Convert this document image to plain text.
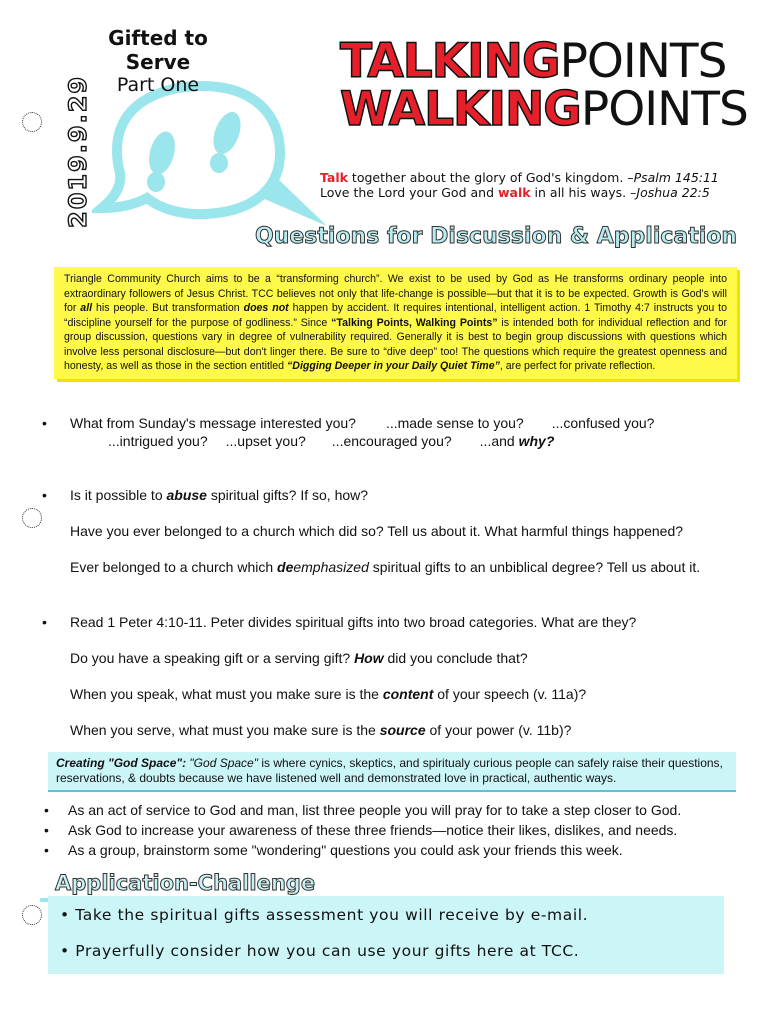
Gifted to Serve
Part One
2019.9.29
TALKINGPOINTS
WALKINGPOINTS
Talk together about the glory of God's kingdom. –Psalm 145:11
Love the Lord your God and walk in all his ways. –Joshua 22:5
Questions for Discussion & Application
Triangle Community Church aims to be a “transforming church”. We exist to be used by God as He transforms ordinary people into extraordinary followers of Jesus Christ. TCC believes not only that life-change is possible—but that it is to be expected. Growth is God's will for all his people. But transformation does not happen by accident. It requires intentional, intelligent action. 1 Timothy 4:7 instructs you to “discipline yourself for the purpose of godliness.” Since “Talking Points, Walking Points” is intended both for individual reflection and for group discussion, questions vary in degree of vulnerability required. Generally it is best to begin group discussions with questions which involve less personal disclosure—but don't linger there. Be sure to “dive deep” too! The questions which require the greatest openness and honesty, as well as those in the section entitled “Digging Deeper in your Daily Quiet Time”, are perfect for private reflection.
• What from Sunday's message interested you? ...made sense to you? ...confused you?
...intrigued you? ...upset you? ...encouraged you? ...and why?
• Is it possible to abuse spiritual gifts? If so, how?
Have you ever belonged to a church which did so? Tell us about it. What harmful things happened?
Ever belonged to a church which deemphasized spiritual gifts to an unbiblical degree? Tell us about it.
• Read 1 Peter 4:10-11. Peter divides spiritual gifts into two broad categories. What are they?
Do you have a speaking gift or a serving gift? How did you conclude that?
When you speak, what must you make sure is the content of your speech (v. 11a)?
When you serve, what must you make sure is the source of your power (v. 11b)?
Creating "God Space": "God Space" is where cynics, skeptics, and spiritualy curious people can safely raise their questions, reservations, & doubts because we have listened well and demonstrated love in practical, authentic ways.
• As an act of service to God and man, list three people you will pray for to take a step closer to God.
• Ask God to increase your awareness of these three friends—notice their likes, dislikes, and needs.
• As a group, brainstorm some "wondering" questions you could ask your friends this week.
Application-Challenge
• Take the spiritual gifts assessment you will receive by e-mail.
• Prayerfully consider how you can use your gifts here at TCC.
